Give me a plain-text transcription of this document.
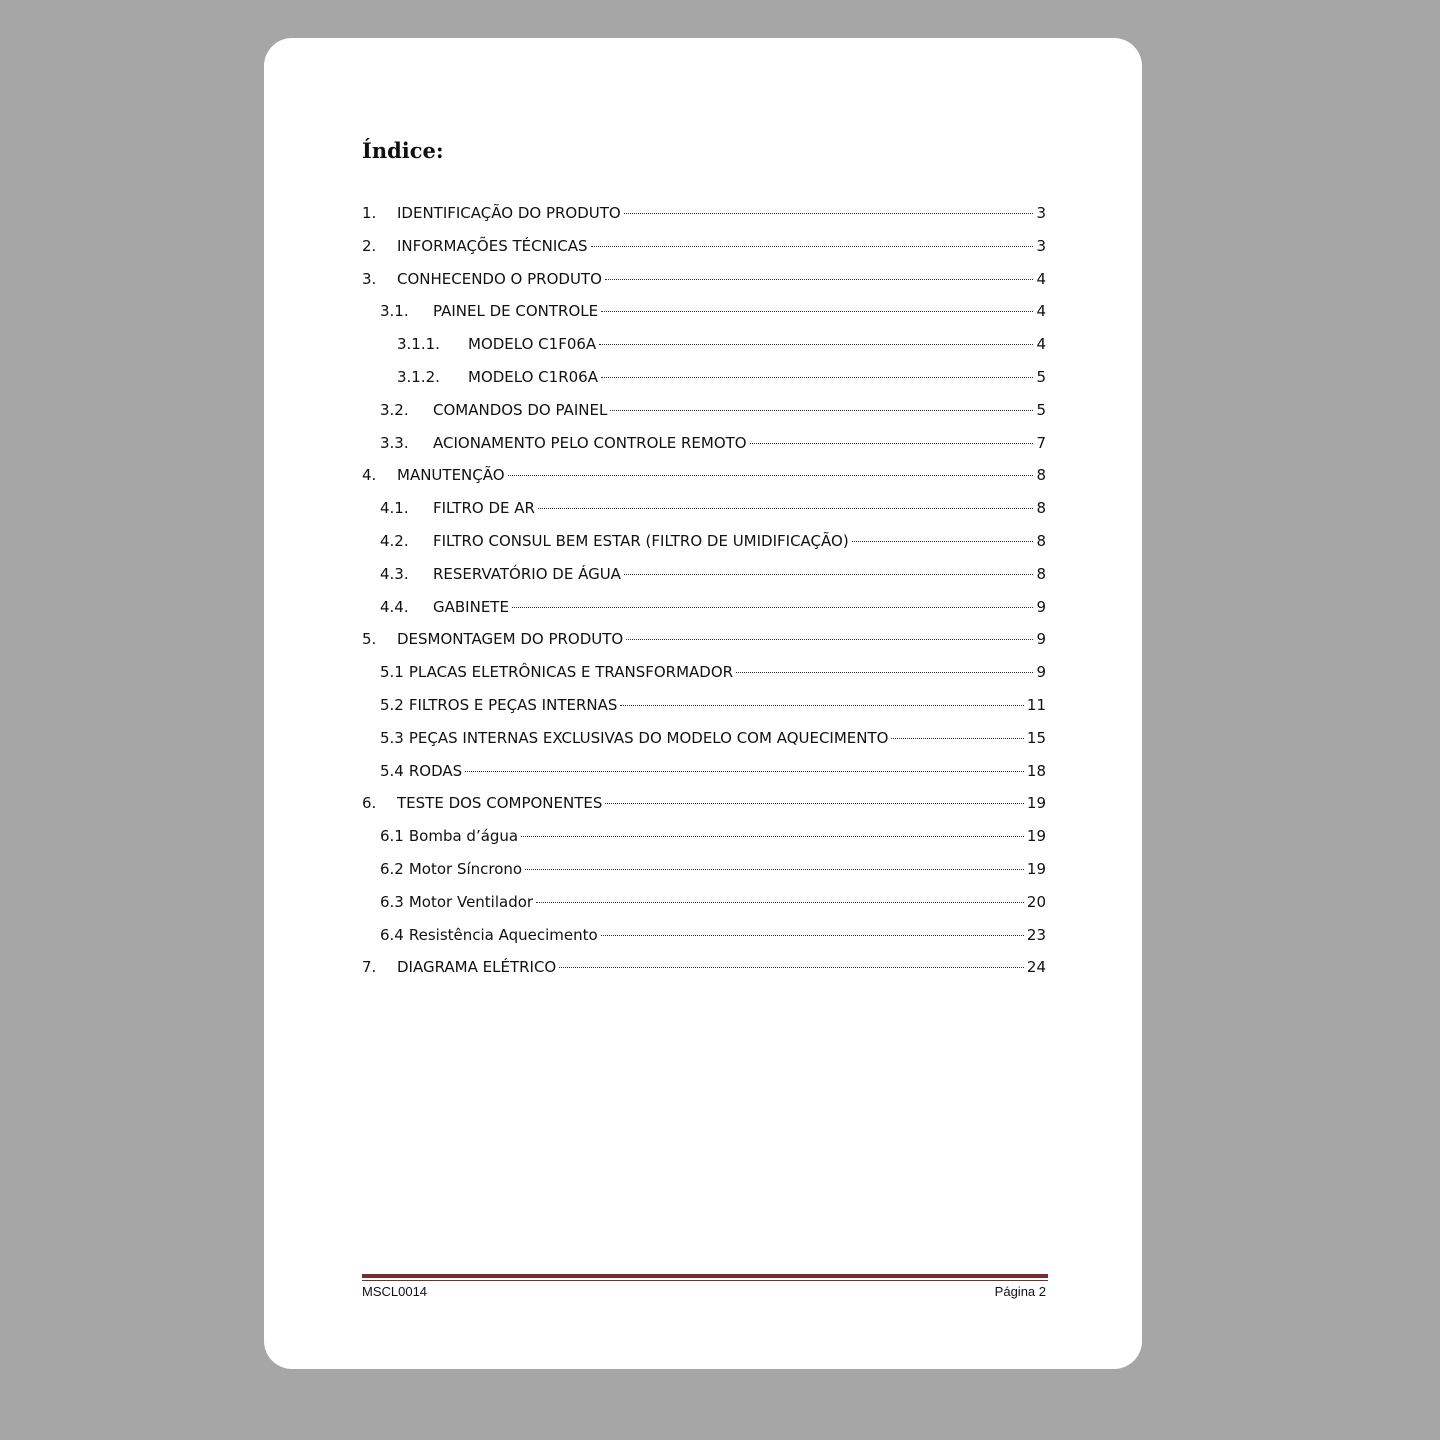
Índice:
1.	IDENTIFICAÇÃO DO PRODUTO	3
2.	INFORMAÇÕES TÉCNICAS	3
3.	CONHECENDO O PRODUTO	4
3.1.	PAINEL DE CONTROLE	4
3.1.1.	MODELO C1F06A	4
3.1.2.	MODELO C1R06A	5
3.2.	COMANDOS DO PAINEL	5
3.3.	ACIONAMENTO PELO CONTROLE REMOTO	7
4.	MANUTENÇÃO	8
4.1.	FILTRO DE AR	8
4.2.	FILTRO CONSUL BEM ESTAR (FILTRO DE UMIDIFICAÇÃO)	8
4.3.	RESERVATÓRIO DE ÁGUA	8
4.4.	GABINETE	9
5.	DESMONTAGEM DO PRODUTO	9
5.1 PLACAS ELETRÔNICAS E TRANSFORMADOR	9
5.2 FILTROS E PEÇAS INTERNAS	11
5.3 PEÇAS INTERNAS EXCLUSIVAS DO MODELO COM AQUECIMENTO	15
5.4 RODAS	18
6.	TESTE DOS COMPONENTES	19
6.1 Bomba d’água	19
6.2 Motor Síncrono	19
6.3 Motor Ventilador	20
6.4 Resistência Aquecimento	23
7.	DIAGRAMA ELÉTRICO	24
MSCL0014	Página 2
